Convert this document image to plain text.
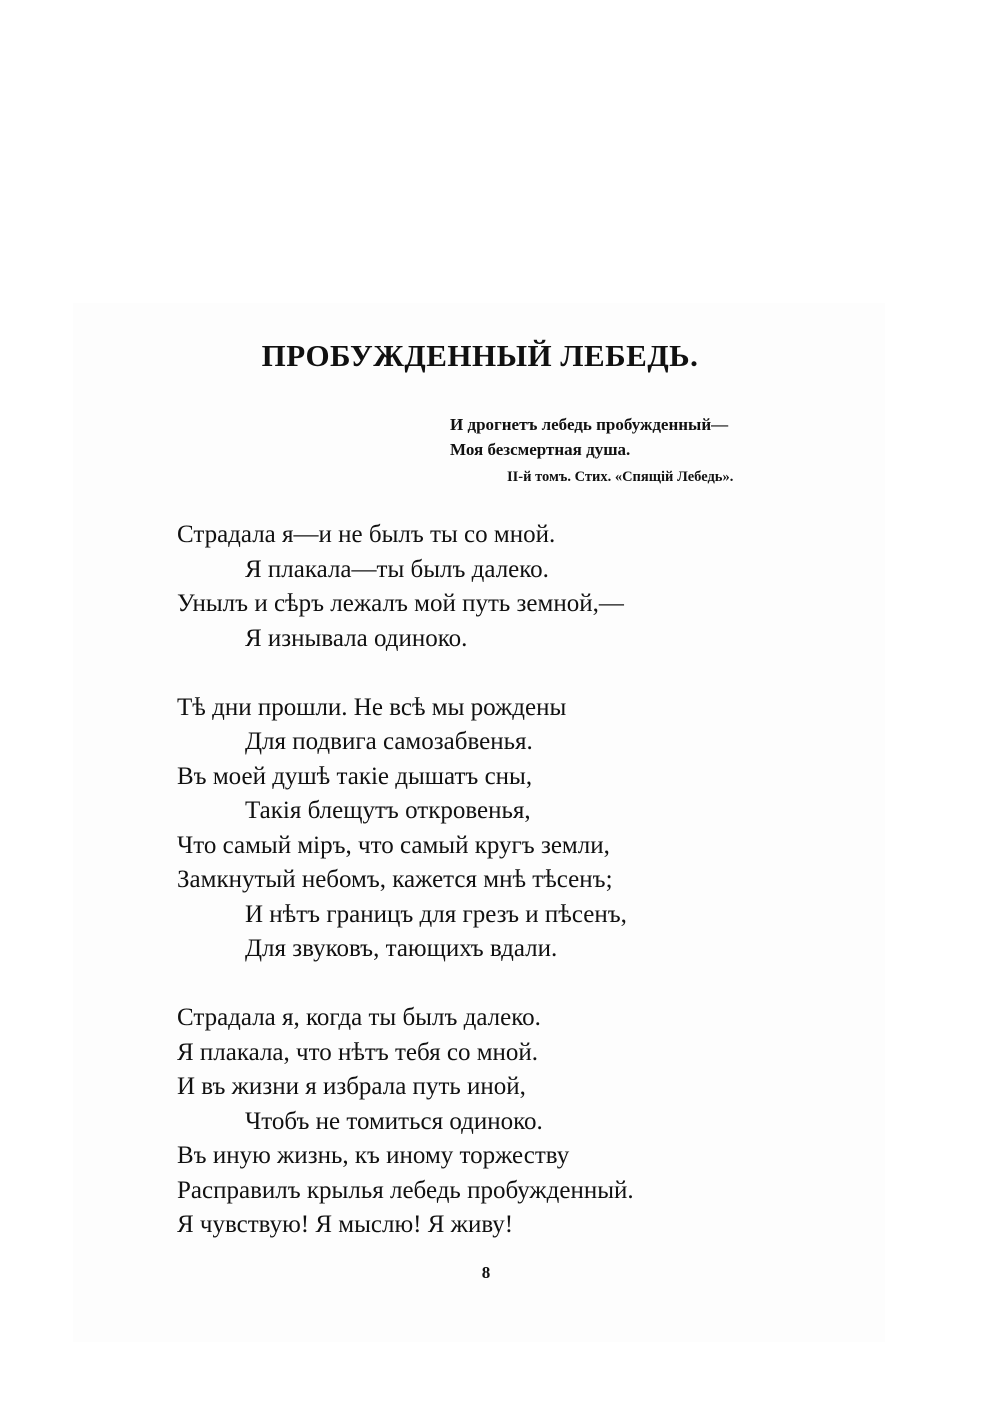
ПРОБУЖДЕННЫЙ ЛЕБЕДЬ.
И дрогнетъ лебедь пробужденный—
Моя безсмертная душа.
II-й томъ. Стих. «Спящій Лебедь».
Страдала я—и не былъ ты со мной.
Я плакала—ты былъ далеко.
Унылъ и сѣръ лежалъ мой путь земной,—
Я изнывала одиноко.
Тѣ дни прошли. Не всѣ мы рождены
Для подвига самозабвенья.
Въ моей душѣ такіе дышатъ сны,
Такія блещутъ откровенья,
Что самый міръ, что самый кругъ земли,
Замкнутый небомъ, кажется мнѣ тѣсенъ;
И нѣтъ границъ для грезъ и пѣсенъ,
Для звуковъ, тающихъ вдали.
Страдала я, когда ты былъ далеко.
Я плакала, что нѣтъ тебя со мной.
И въ жизни я избрала путь иной,
Чтобъ не томиться одиноко.
Въ иную жизнь, къ иному торжеству
Расправилъ крылья лебедь пробужденный.
Я чувствую! Я мыслю! Я живу!
8
